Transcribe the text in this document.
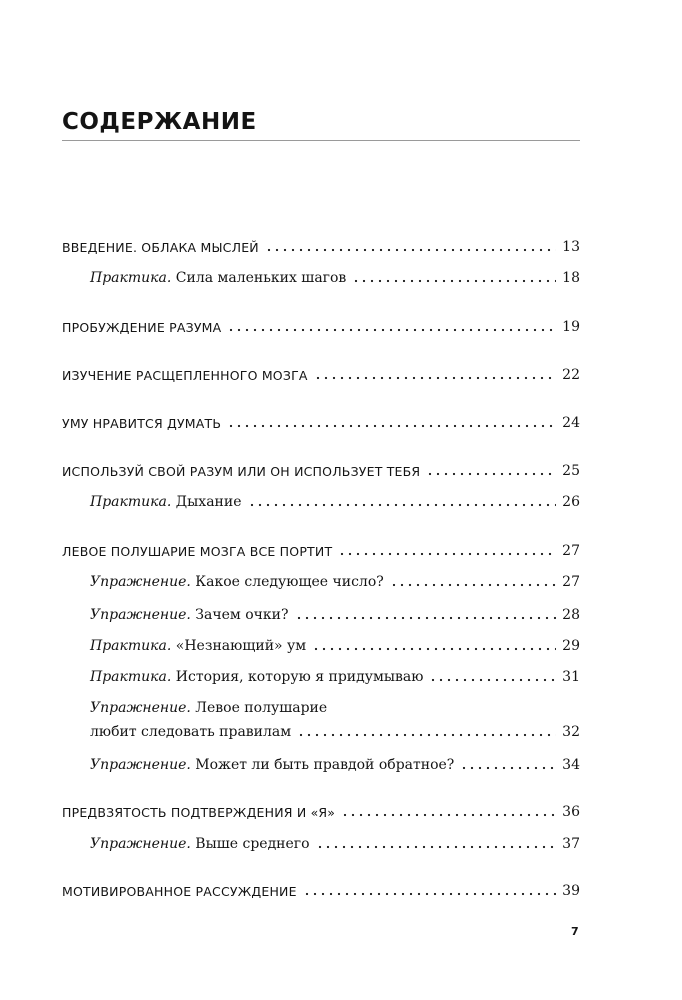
СОДЕРЖАНИЕ
ВВЕДЕНИЕ. ОБЛАКА МЫСЛЕЙ	13
Практика. Сила маленьких шагов	18
ПРОБУЖДЕНИЕ РАЗУМА	19
ИЗУЧЕНИЕ РАСЩЕПЛЕННОГО МОЗГА	22
УМУ НРАВИТСЯ ДУМАТЬ	24
ИСПОЛЬЗУЙ СВОЙ РАЗУМ ИЛИ ОН ИСПОЛЬЗУЕТ ТЕБЯ	25
Практика. Дыхание	26
ЛЕВОЕ ПОЛУШАРИЕ МОЗГА ВСЕ ПОРТИТ	27
Упражнение. Какое следующее число?	27
Упражнение. Зачем очки?	28
Практика. «Незнающий» ум	29
Практика. История, которую я придумываю	31
Упражнение. Левое полушарие
любит следовать правилам	32
Упражнение. Может ли быть правдой обратное?	34
ПРЕДВЗЯТОСТЬ ПОДТВЕРЖДЕНИЯ И «Я»	36
Упражнение. Выше среднего	37
МОТИВИРОВАННОЕ РАССУЖДЕНИЕ	39
7
